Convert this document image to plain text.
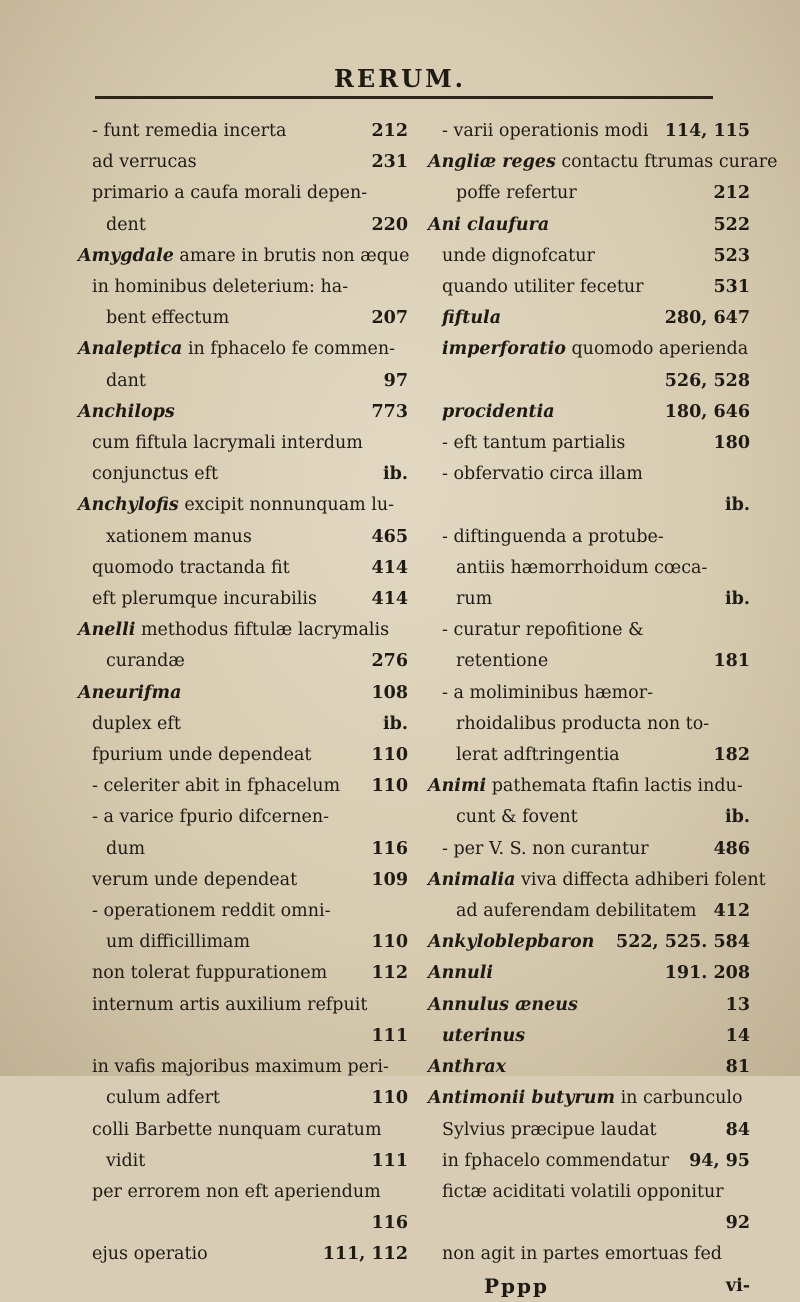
RERUM.
- funt remedia incerta	212
ad verrucas	231
primario a caufa morali depen-
dent	220
Amygdale amare in brutis non æque
in hominibus deleterium: ha-
bent effectum	207
Analeptica in fphacelo fe commen-
dant	97
Anchilops	773
cum fiftula lacrymali interdum
conjunctus eft	ib.
Anchylofis excipit nonnunquam lu-
xationem manus	465
quomodo tractanda fit	414
eft plerumque incurabilis	414
Anelli methodus fiftulæ lacrymalis
curandæ	276
Aneurifma	108
duplex eft	ib.
fpurium unde dependeat	110
- celeriter abit in fphacelum	110
- a varice fpurio difcernen-
dum	116
verum unde dependeat	109
- operationem reddit omni-
um difficillimam	110
non tolerat fuppurationem	112
internum artis auxilium refpuit
111
in vafis majoribus maximum peri-
culum adfert	110
colli Barbette nunquam curatum
vidit	111
per errorem non eft aperiendum
116
ejus operatio	111, 112
- varii operationis modi 114, 115
Angliæ reges contactu ftrumas curare
poffe refertur	212
Ani claufura	522
unde dignofcatur	523
quando utiliter fecetur	531
fiftula	280, 647
imperforatio quomodo aperienda
526, 528
procidentia	180, 646
- eft tantum partialis	180
- obfervatio circa illam
ib.
- diftinguenda a protube-
antiis hæmorrhoidum cœca-
rum	ib.
- curatur repofitione &
retentione	181
- a moliminibus hæmor-
rhoidalibus producta non to-
lerat adftringentia	182
Animi pathemata ftafin lactis indu-
cunt & fovent	ib.
- per V. S. non curantur	486
Animalia viva diffecta adhiberi folent
ad auferendam debilitatem 412
Ankyloblepbaron	522, 525. 584
Annuli	191. 208
Annulus æneus	13
uterinus	14
Anthrax	81
Antimonii butyrum in carbunculo
Sylvius præcipue laudat	84
in fphacelo commendatur	94, 95
fictæ aciditati volatili opponitur
92
non agit in partes emortuas fed
Pppp	vi-
